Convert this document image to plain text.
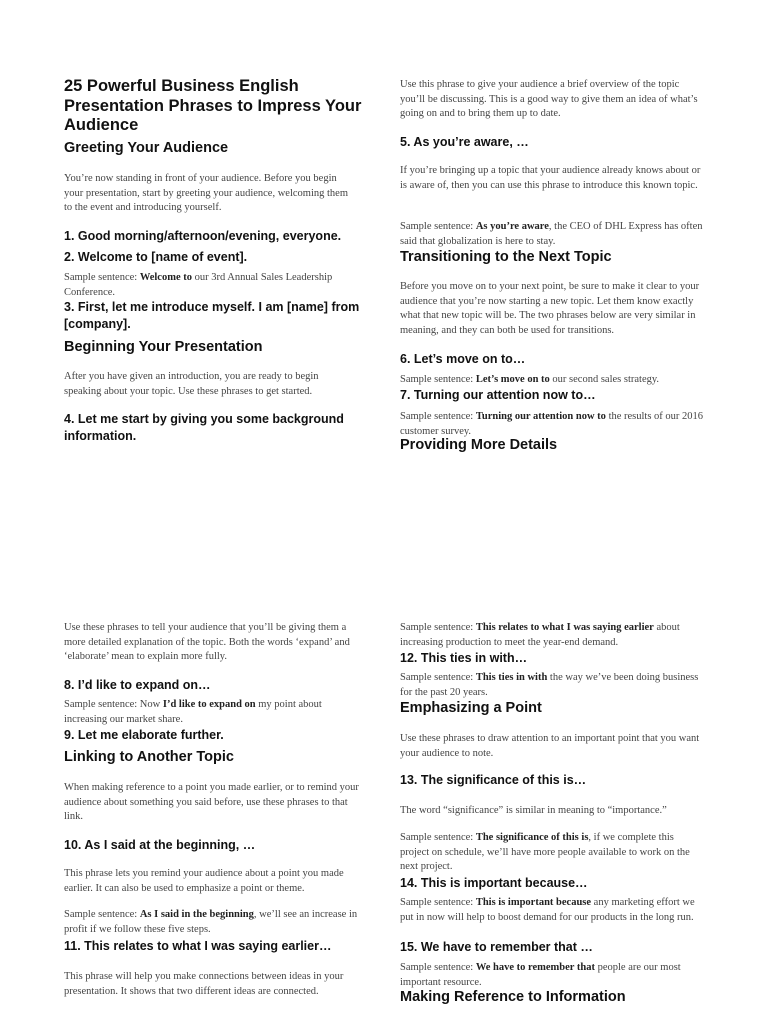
25 Powerful Business English Presentation Phrases to Impress Your Audience
Greeting Your Audience

You’re now standing in front of your audience. Before you begin your presentation, start by greeting your audience, welcoming them to the event and introducing yourself.

1. Good morning/afternoon/evening, everyone.
2. Welcome to [name of event].

Sample sentence: Welcome to our 3rd Annual Sales Leadership Conference.

3. First, let me introduce myself. I am [name] from [company].
Beginning Your Presentation

After you have given an introduction, you are ready to begin speaking about your topic. Use these phrases to get started.

4. Let me start by giving you some background information.

Use this phrase to give your audience a brief overview of the topic you’ll be discussing. This is a good way to give them an idea of what’s going on and to bring them up to date.

5. As you’re aware, …

If you’re bringing up a topic that your audience already knows about or is aware of, then you can use this phrase to introduce this known topic.

Sample sentence: As you’re aware, the CEO of DHL Express has often said that globalization is here to stay.

Transitioning to the Next Topic

Before you move on to your next point, be sure to make it clear to your audience that you’re now starting a new topic. Let them know exactly what that new topic will be. The two phrases below are very similar in meaning, and they can both be used for transitions.

6. Let’s move on to…

Sample sentence: Let’s move on to our second sales strategy.

7. Turning our attention now to…

Sample sentence: Turning our attention now to the results of our 2016 customer survey.

Providing More Details

Use these phrases to tell your audience that you’ll be giving them a more detailed explanation of the topic. Both the words ‘expand’ and ‘elaborate’ mean to explain more fully.

8. I’d like to expand on…

Sample sentence: Now I’d like to expand on my point about increasing our market share.

9. Let me elaborate further.
Linking to Another Topic

When making reference to a point you made earlier, or to remind your audience about something you said before, use these phrases to that link.

10. As I said at the beginning, …

This phrase lets you remind your audience about a point you made earlier. It can also be used to emphasize a point or theme.

Sample sentence: As I said in the beginning, we’ll see an increase in profit if we follow these five steps.

11. This relates to what I was saying earlier…

This phrase will help you make connections between ideas in your presentation. It shows that two different ideas are connected.

Sample sentence: This relates to what I was saying earlier about increasing production to meet the year-end demand.

12. This ties in with…

Sample sentence: This ties in with the way we’ve been doing business for the past 20 years.

Emphasizing a Point

Use these phrases to draw attention to an important point that you want your audience to note.

13. The significance of this is…

The word “significance” is similar in meaning to “importance.”

Sample sentence: The significance of this is, if we complete this project on schedule, we’ll have more people available to work on the next project.

14. This is important because…

Sample sentence: This is important because any marketing effort we put in now will help to boost demand for our products in the long run.

15. We have to remember that …

Sample sentence: We have to remember that people are our most important resource.

Making Reference to Information
